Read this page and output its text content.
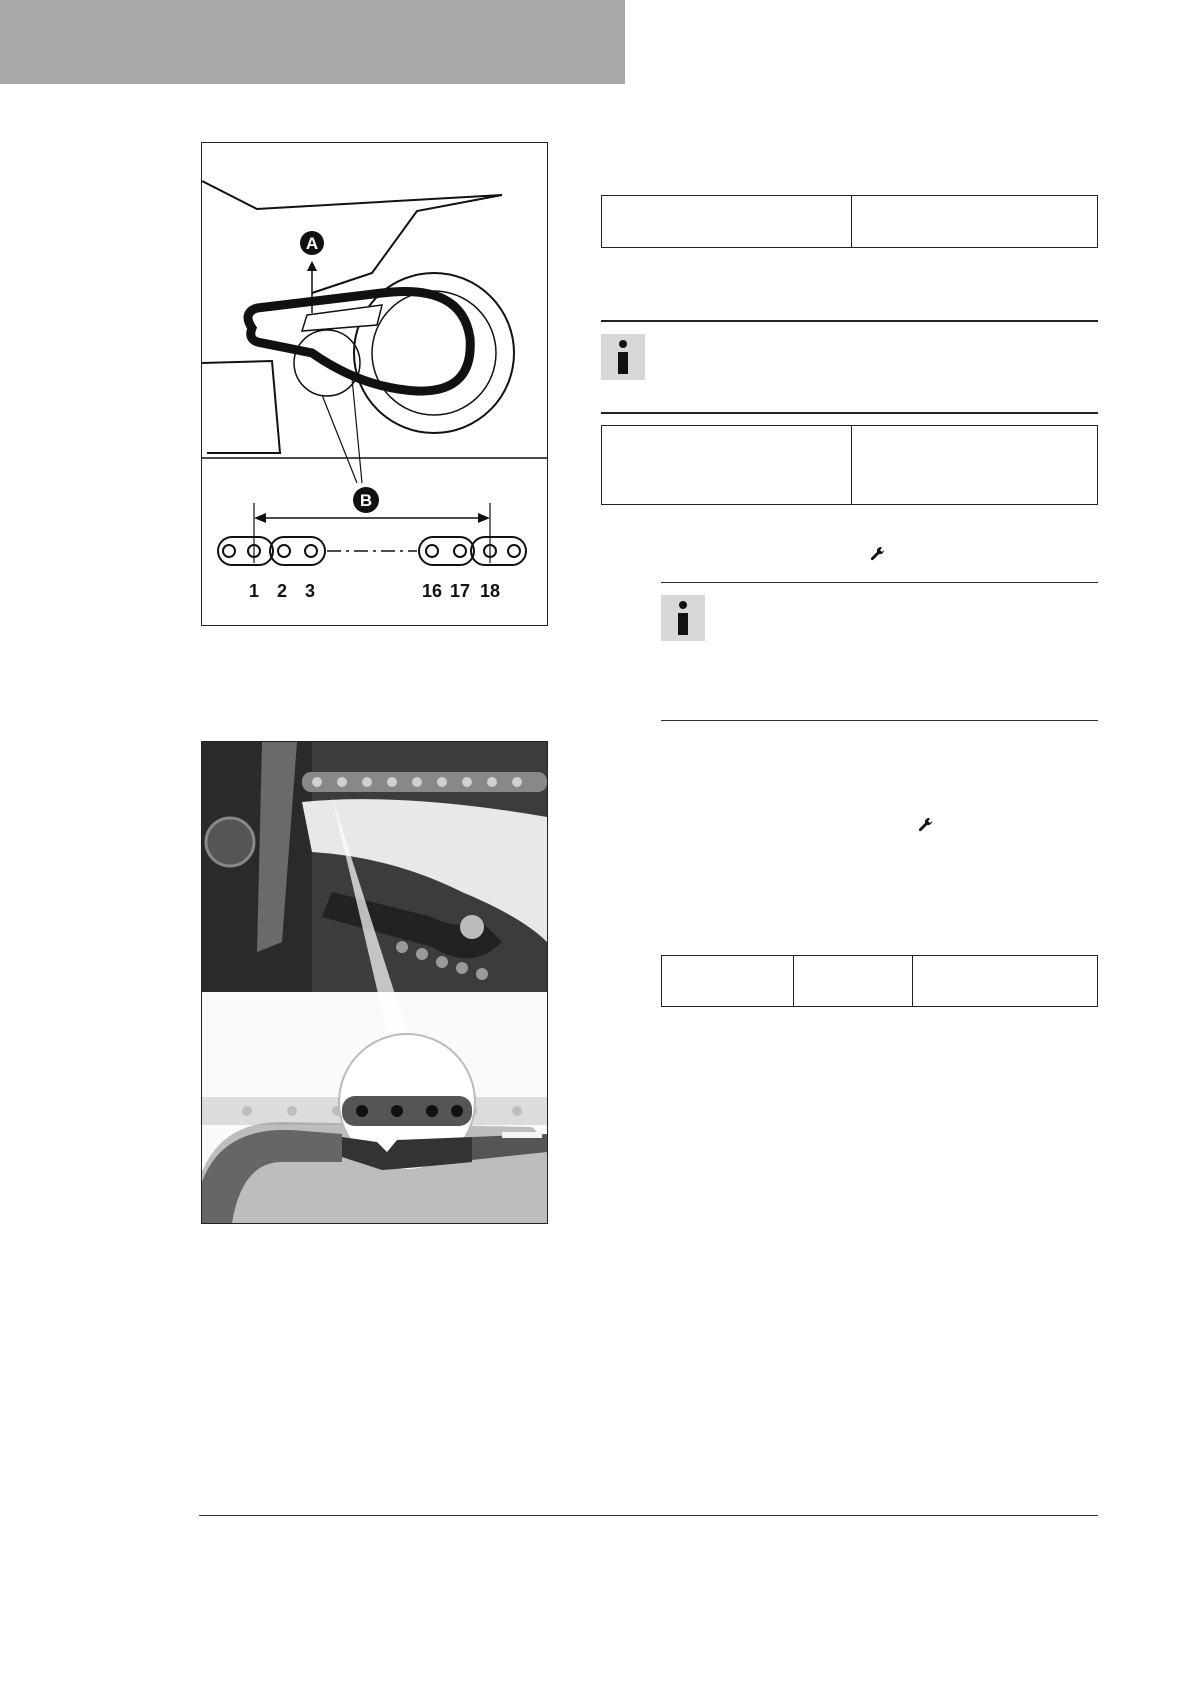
A
B
1 2 3	16 17 18
